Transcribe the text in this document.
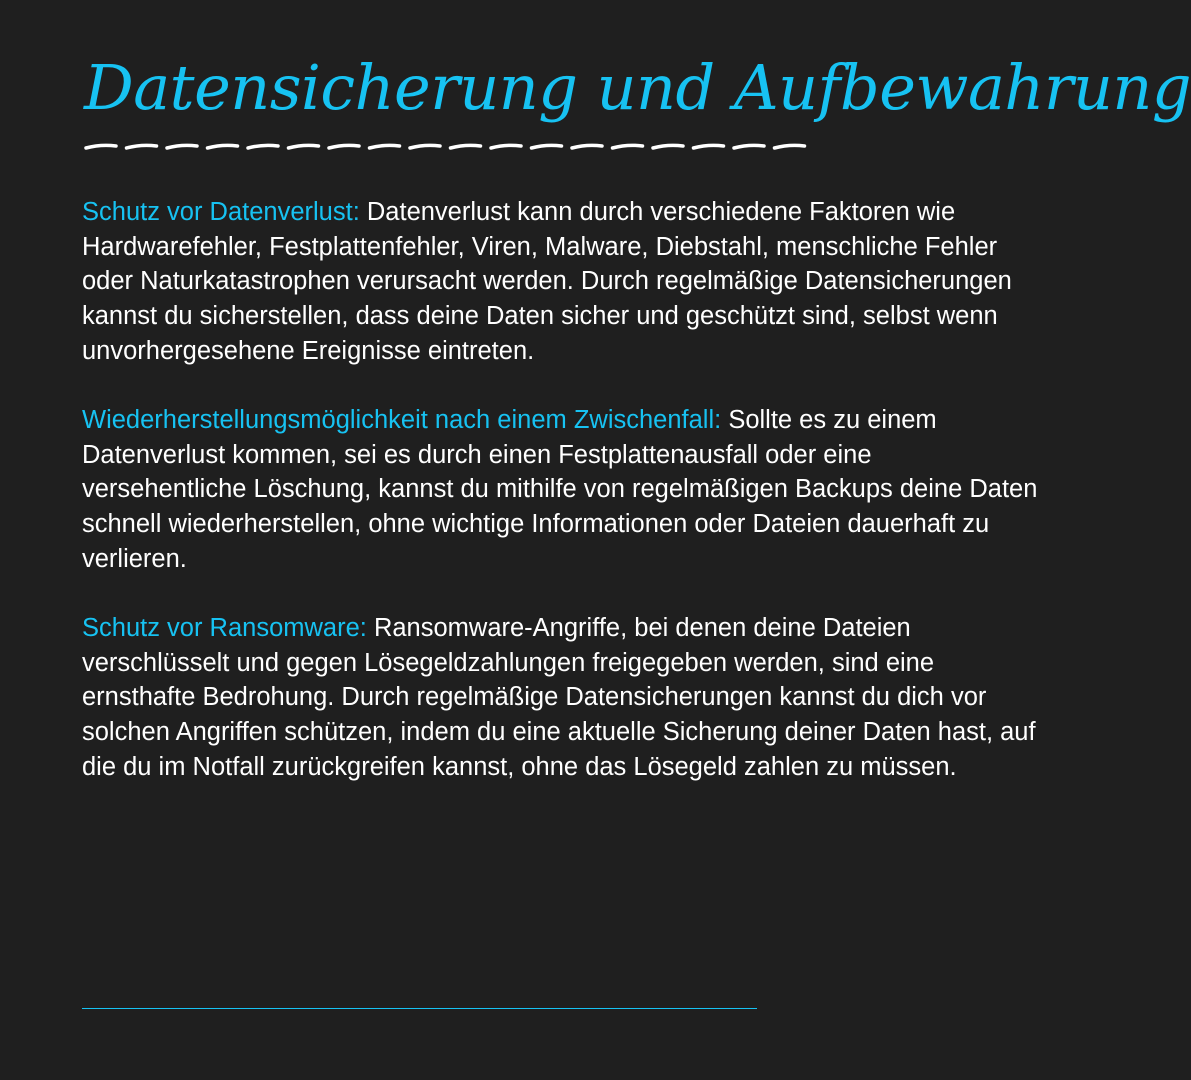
Datensicherung und Aufbewahrung

Schutz vor Datenverlust: Datenverlust kann durch verschiedene Faktoren wie Hardwarefehler, Festplattenfehler, Viren, Malware, Diebstahl, menschliche Fehler oder Naturkatastrophen verursacht werden. Durch regelmäßige Datensicherungen kannst du sicherstellen, dass deine Daten sicher und geschützt sind, selbst wenn unvorhergesehene Ereignisse eintreten.

Wiederherstellungsmöglichkeit nach einem Zwischenfall: Sollte es zu einem Datenverlust kommen, sei es durch einen Festplattenausfall oder eine versehentliche Löschung, kannst du mithilfe von regelmäßigen Backups deine Daten schnell wiederherstellen, ohne wichtige Informationen oder Dateien dauerhaft zu verlieren.

Schutz vor Ransomware: Ransomware-Angriffe, bei denen deine Dateien verschlüsselt und gegen Lösegeldzahlungen freigegeben werden, sind eine ernsthafte Bedrohung. Durch regelmäßige Datensicherungen kannst du dich vor solchen Angriffen schützen, indem du eine aktuelle Sicherung deiner Daten hast, auf die du im Notfall zurückgreifen kannst, ohne das Lösegeld zahlen zu müssen.
